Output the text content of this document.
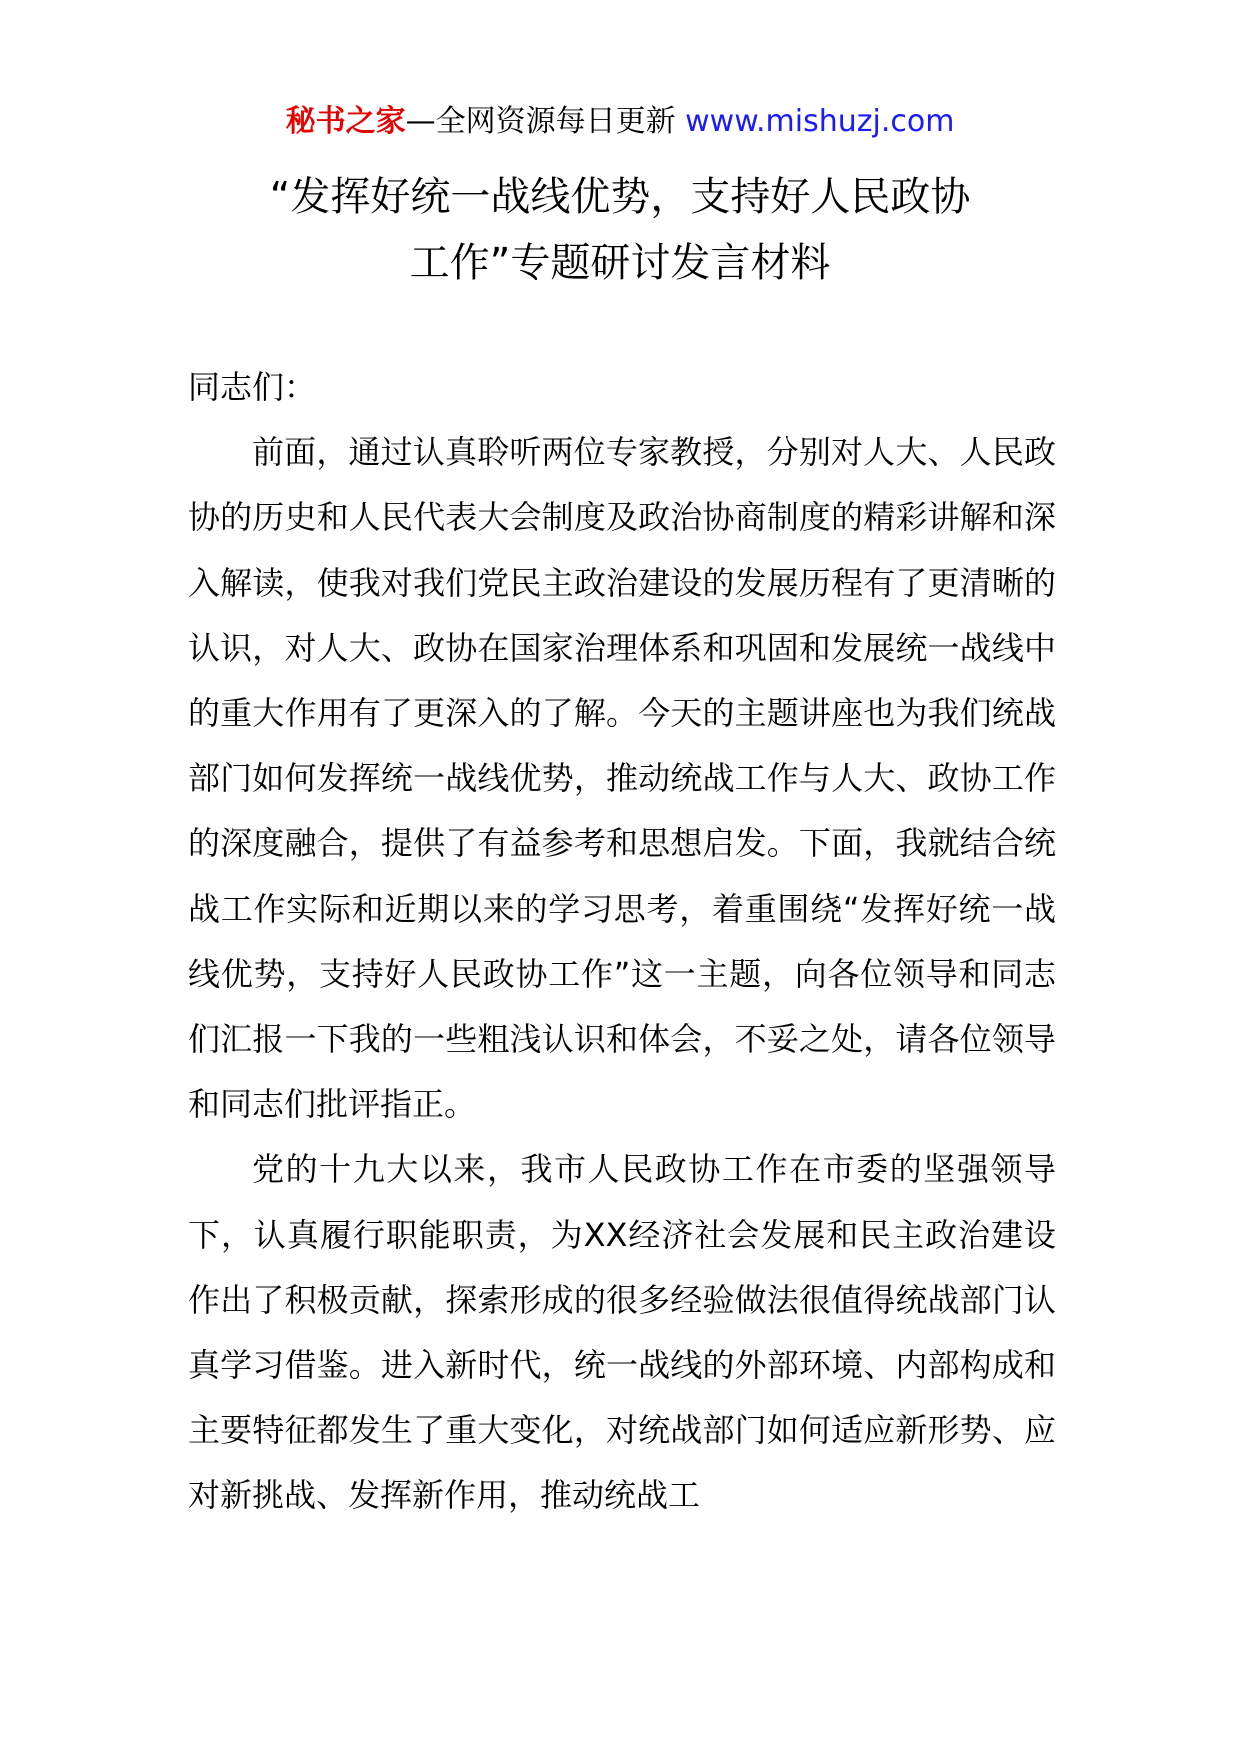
秘书之家—全网资源每日更新 www.mishuzj.com
“发挥好统一战线优势，支持好人民政协
工作”专题研讨发言材料

同志们：

前面，通过认真聆听两位专家教授，分别对人大、人民政协的历史和人民代表大会制度及政治协商制度的精彩讲解和深入解读，使我对我们党民主政治建设的发展历程有了更清晰的认识，对人大、政协在国家治理体系和巩固和发展统一战线中的重大作用有了更深入的了解。今天的主题讲座也为我们统战部门如何发挥统一战线优势，推动统战工作与人大、政协工作的深度融合，提供了有益参考和思想启发。下面，我就结合统战工作实际和近期以来的学习思考，着重围绕“发挥好统一战线优势，支持好人民政协工作”这一主题，向各位领导和同志们汇报一下我的一些粗浅认识和体会，不妥之处，请各位领导和同志们批评指正。

党的十九大以来，我市人民政协工作在市委的坚强领导下，认真履行职能职责，为XX经济社会发展和民主政治建设作出了积极贡献，探索形成的很多经验做法很值得统战部门认真学习借鉴。进入新时代，统一战线的外部环境、内部构成和主要特征都发生了重大变化，对统战部门如何适应新形势、应对新挑战、发挥新作用，推动统战工
